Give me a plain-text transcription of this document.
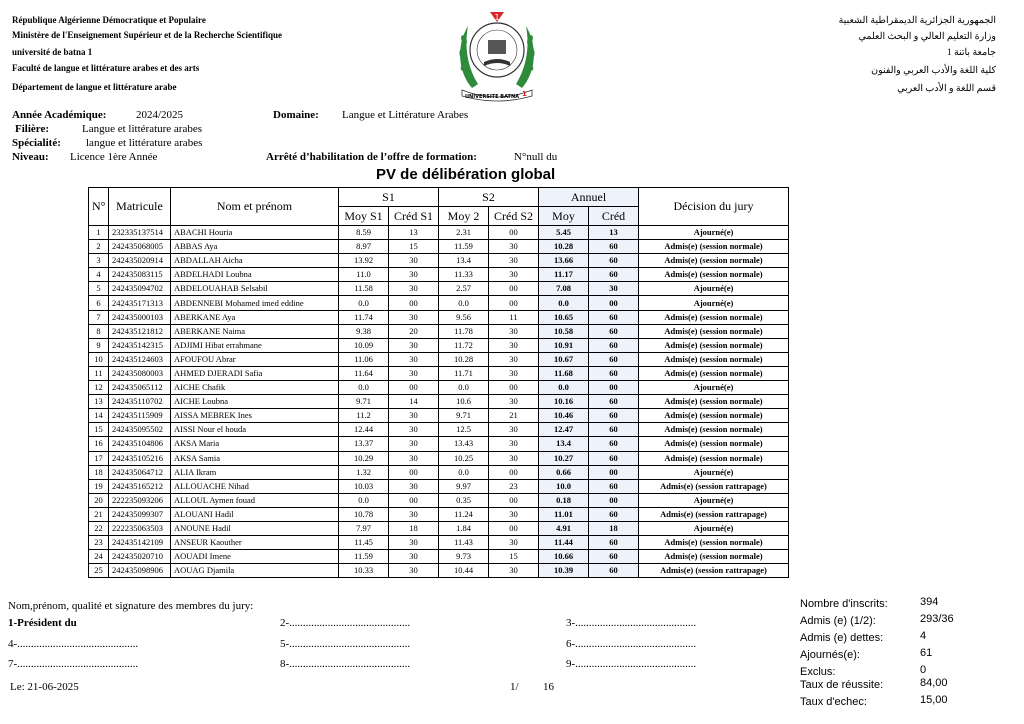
République Algérienne Démocratique et Populaire
Ministère de l'Enseignement Supérieur et de la Recherche Scientifique
université de batna 1
Faculté de langue et littérature arabes et des arts
Département de langue et littérature arabe
1
UNIVERSITE BATNA 1
الجمهورية الجزائرية الديمقراطية الشعبية
وزارة التعليم العالي و البحث العلمي
جامعة باتنة 1
كلية اللغة والأدب العربي والفنون
قسم اللغة و الأدب العربي
Année Académique:	2024/2025	Domaine: Langue et Littérature Arabes
Filière:	Langue et littérature arabes
Spécialité: langue et littérature arabes
Niveau: Licence 1ère Année	Arrêté d’habilitation de l’offre de formation:	N°null du
PV de délibération global
N°	Matricule	Nom et prénom	S1		S2		Annuel		Décision du jury
			Moy S1	Créd S1	Moy 2	Créd S2	Moy	Créd	
1	232335137514	ABACHI Houria	8.59	13	2.31	00	5.45	13	Ajourné(e)
2	242435068005	ABBAS Aya	8.97	15	11.59	30	10.28	60	Admis(e) (session normale)
3	242435020914	ABDALLAH Aicha	13.92	30	13.4	30	13.66	60	Admis(e) (session normale)
4	242435083115	ABDELHADI Loubna	11.0	30	11.33	30	11.17	60	Admis(e) (session normale)
5	242435094702	ABDELOUAHAB Selsabil	11.58	30	2.57	00	7.08	30	Ajourné(e)
6	242435171313	ABDENNEBI Mohamed imed eddine	0.0	00	0.0	00	0.0	00	Ajourné(e)
7	242435000103	ABERKANE Aya	11.74	30	9.56	11	10.65	60	Admis(e) (session normale)
8	242435121812	ABERKANE Naima	9.38	20	11.78	30	10.58	60	Admis(e) (session normale)
9	242435142315	ADJIMI Hibat errahmane	10.09	30	11.72	30	10.91	60	Admis(e) (session normale)
10	242435124603	AFOUFOU Abrar	11.06	30	10.28	30	10.67	60	Admis(e) (session normale)
11	242435080003	AHMED DJERADI Safia	11.64	30	11.71	30	11.68	60	Admis(e) (session normale)
12	242435065112	AICHE Chafik	0.0	00	0.0	00	0.0	00	Ajourné(e)
13	242435110702	AICHE Loubna	9.71	14	10.6	30	10.16	60	Admis(e) (session normale)
14	242435115909	AISSA MEBREK Ines	11.2	30	9.71	21	10.46	60	Admis(e) (session normale)
15	242435095502	AISSI Nour el houda	12.44	30	12.5	30	12.47	60	Admis(e) (session normale)
16	242435104806	AKSA Maria	13.37	30	13.43	30	13.4	60	Admis(e) (session normale)
17	242435105216	AKSA Samia	10.29	30	10.25	30	10.27	60	Admis(e) (session normale)
18	242435064712	ALIA Ikram	1.32	00	0.0	00	0.66	00	Ajourné(e)
19	242435165212	ALLOUACHE Nihad	10.03	30	9.97	23	10.0	60	Admis(e) (session rattrapage)
20	222235093206	ALLOUL Aymen fouad	0.0	00	0.35	00	0.18	00	Ajourné(e)
21	242435099307	ALOUANI Hadil	10.78	30	11.24	30	11.01	60	Admis(e) (session rattrapage)
22	222235063503	ANOUNE Hadil	7.97	18	1.84	00	4.91	18	Ajourné(e)
23	242435142109	ANSEUR Kaouther	11.45	30	11.43	30	11.44	60	Admis(e) (session normale)
24	242435020710	AOUADI Imene	11.59	30	9.73	15	10.66	60	Admis(e) (session normale)
25	242435098906	AOUAG Djamila	10.33	30	10.44	30	10.39	60	Admis(e) (session rattrapage)
Nom,prénom, qualité et signature des membres du jury:
1-Président du	2-............................................	3-............................................
4-............................................	5-............................................	6-............................................
7-............................................	8-............................................	9-............................................
Le: 21-06-2025	1/ 16
Nombre d'inscrits:	394
Admis (e) (1/2):	293/36
Admis (e) dettes:	4
Ajournés(e):	61
Exclus:	0
Taux de réussite:	84,00
Taux d'echec:	15,00
